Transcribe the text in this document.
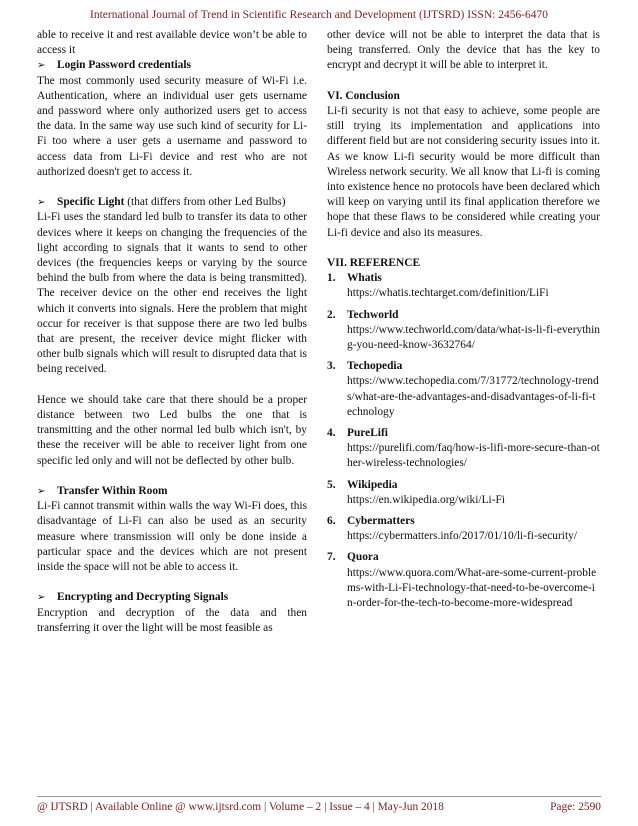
International Journal of Trend in Scientific Research and Development (IJTSRD) ISSN: 2456-6470

able to receive it and rest available device won’t be able to access it

➢	Login Password credentials

The most commonly used security measure of Wi-Fi i.e. Authentication, where an individual user gets username and password where only authorized users get to access the data. In the same way use such kind of security for Li-Fi too where a user gets a username and password to access data from Li-Fi device and rest who are not authorized doesn't get to access it.

➢	Specific Light (that differs from other Led Bulbs)

Li-Fi uses the standard led bulb to transfer its data to other devices where it keeps on changing the frequencies of the light according to signals that it wants to send to other devices (the frequencies keeps or varying by the source behind the bulb from where the data is being transmitted). The receiver device on the other end receives the light which it converts into signals. Here the problem that might occur for receiver is that suppose there are two led bulbs that are present, the receiver device might flicker with other bulb signals which will result to disrupted data that is being received.

Hence we should take care that there should be a proper distance between two Led bulbs the one that is transmitting and the other normal led bulb which isn't, by these the receiver will be able to receiver light from one specific led only and will not be deflected by other bulb.

➢	Transfer Within Room

Li-Fi cannot transmit within walls the way Wi-Fi does, this disadvantage of Li-Fi can also be used as an security measure where transmission will only be done inside a particular space and the devices which are not present inside the space will not be able to access it.

➢	Encrypting and Decrypting Signals

Encryption and decryption of the data and then transferring it over the light will be most feasible as

other device will not be able to interpret the data that is being transferred. Only the device that has the key to encrypt and decrypt it will be able to interpret it.

VI. Conclusion

Li-fi security is not that easy to achieve, some people are still trying its implementation and applications into different field but are not considering security issues into it. As we know Li-fi security would be more difficult than Wireless network security. We all know that Li-fi is coming into existence hence no protocols have been declared which will keep on varying until its final application therefore we hope that these flaws to be considered while creating your Li-fi device and also its measures.

VII. REFERENCE
1.	Whatis
https://whatis.techtarget.com/definition/LiFi
2.	Techworld
https://www.techworld.com/data/what-is-li-fi-everything-you-need-know-3632764/
3.	Techopedia
https://www.techopedia.com/7/31772/technology-trends/what-are-the-advantages-and-disadvantages-of-li-fi-technology
4.	PureLifi
https://purelifi.com/faq/how-is-lifi-more-secure-than-other-wireless-technologies/
5.	Wikipedia
https://en.wikipedia.org/wiki/Li-Fi
6.	Cybermatters
https://cybermatters.info/2017/01/10/li-fi-security/
7.	Quora
https://www.quora.com/What-are-some-current-problems-with-Li-Fi-technology-that-need-to-be-overcome-in-order-for-the-tech-to-become-more-widespread
@ IJTSRD | Available Online @ www.ijtsrd.com | Volume – 2 | Issue – 4 | May-Jun 2018	Page: 2590
